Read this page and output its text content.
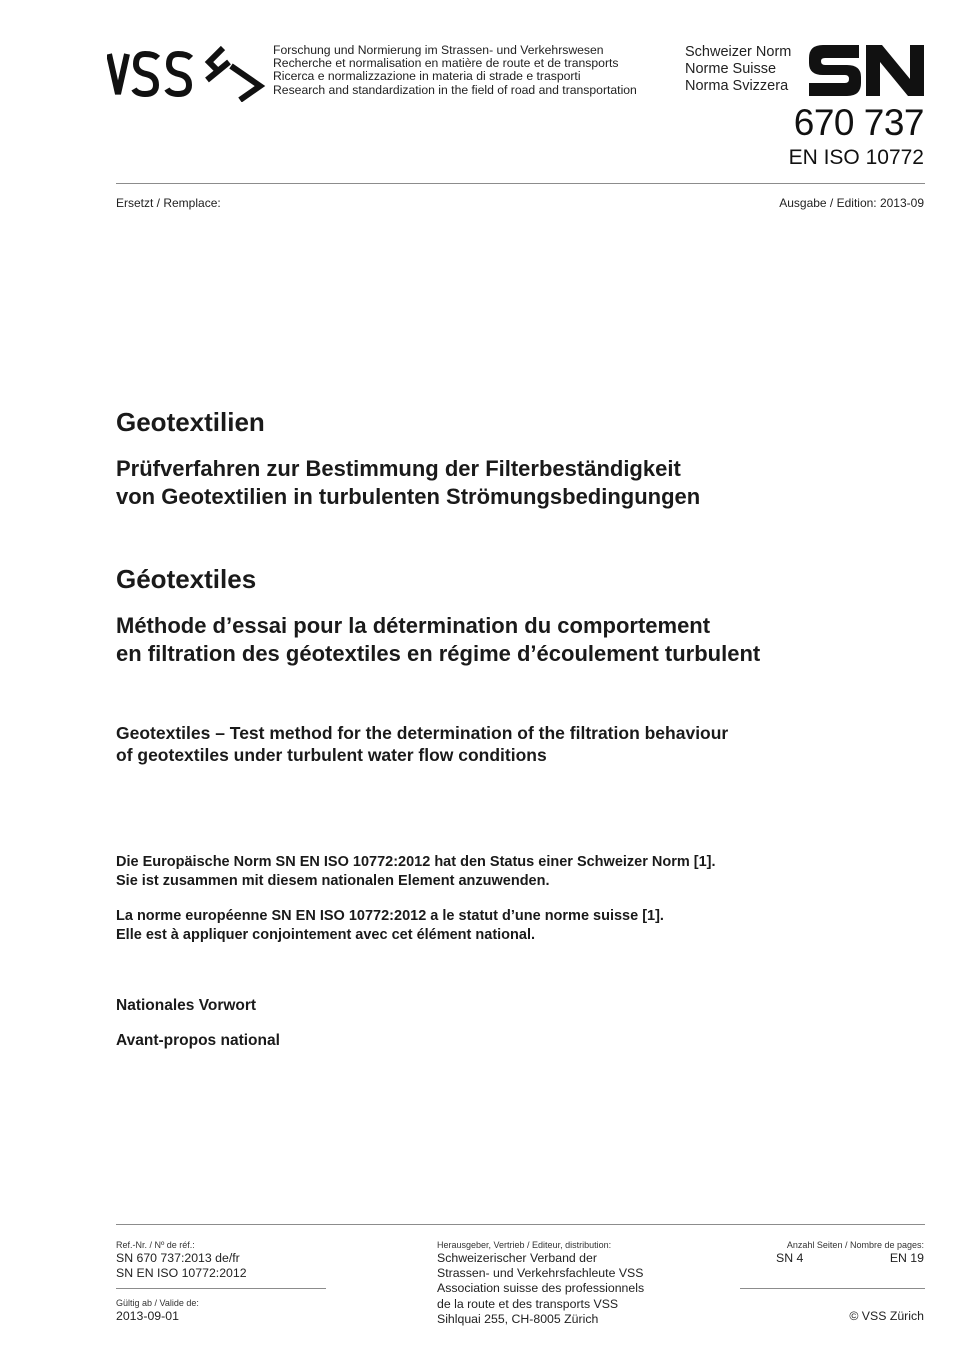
Forschung und Normierung im Strassen- und Verkehrswesen
Recherche et normalisation en matière de route et de transports
Ricerca e normalizzazione in materia di strade e trasporti
Research and standardization in the field of road and transportation
Schweizer Norm
Norme Suisse
Norma Svizzera
670 737
EN ISO 10772
Ersetzt / Remplace:	Ausgabe / Edition: 2013-09
Geotextilien
Prüfverfahren zur Bestimmung der Filterbeständigkeit
von Geotextilien in turbulenten Strömungsbedingungen
Géotextiles
Méthode d’essai pour la détermination du comportement
en filtration des géotextiles en régime d’écoulement turbulent
Geotextiles – Test method for the determination of the filtration behaviour
of geotextiles under turbulent water flow conditions
Die Europäische Norm SN EN ISO 10772:2012 hat den Status einer Schweizer Norm [1].
Sie ist zusammen mit diesem nationalen Element anzuwenden.
La norme européenne SN EN ISO 10772:2012 a le statut d’une norme suisse [1].
Elle est à appliquer conjointement avec cet élément national.
Nationales Vorwort
Avant-propos national
Ref.-Nr. / Nº de réf.:
SN 670 737:2013 de/fr
SN EN ISO 10772:2012
Gültig ab / Valide de:
2013-09-01
Herausgeber, Vertrieb / Editeur, distribution:
Schweizerischer Verband der
Strassen- und Verkehrsfachleute VSS
Association suisse des professionnels
de la route et des transports VSS
Sihlquai 255, CH-8005 Zürich
Anzahl Seiten / Nombre de pages:
SN 4	EN 19
© VSS Zürich
